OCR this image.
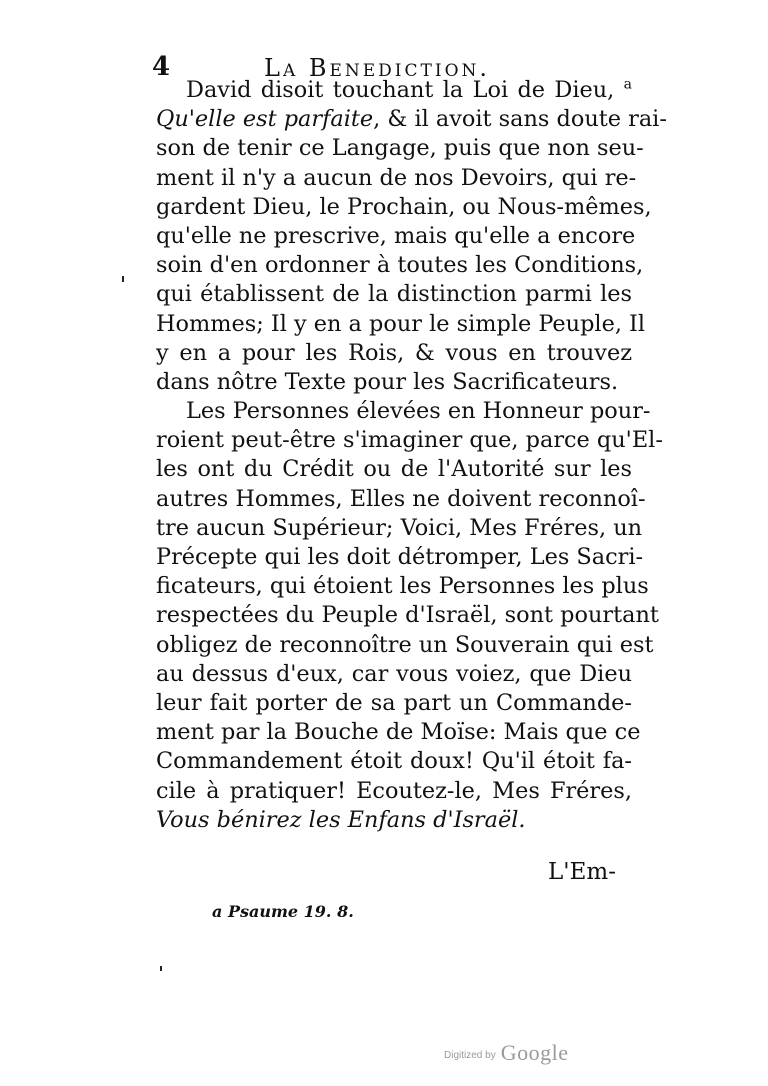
4	La Benediction.
David disoit touchant la Loi de Dieu, $^a$
Qu'elle est parfaite, & il avoit sans doute rai-
son de tenir ce Langage, puis que non seu-
ment il n'y a aucun de nos Devoirs, qui re-
gardent Dieu, le Prochain, ou Nous-mêmes,
qu'elle ne prescrive, mais qu'elle a encore
soin d'en ordonner à toutes les Conditions,
qui établissent de la distinction parmi les
Hommes; Il y en a pour le simple Peuple, Il
y en a pour les Rois, & vous en trouvez
dans nôtre Texte pour les Sacrificateurs.
Les Personnes élevées en Honneur pour-
roient peut-être s'imaginer que, parce qu'El-
les ont du Crédit ou de l'Autorité sur les
autres Hommes, Elles ne doivent reconnoî-
tre aucun Supérieur; Voici, Mes Fréres, un
Précepte qui les doit détromper, Les Sacri-
ficateurs, qui étoient les Personnes les plus
respectées du Peuple d'Israël, sont pourtant
obligez de reconnoître un Souverain qui est
au dessus d'eux, car vous voiez, que Dieu
leur fait porter de sa part un Commande-
ment par la Bouche de Moïse: Mais que ce
Commandement étoit doux! Qu'il étoit fa-
cile à pratiquer! Ecoutez-le, Mes Fréres,
Vous bénirez les Enfans d'Israël.
L'Em-
a Psaume 19. 8.
Digitized by Google
